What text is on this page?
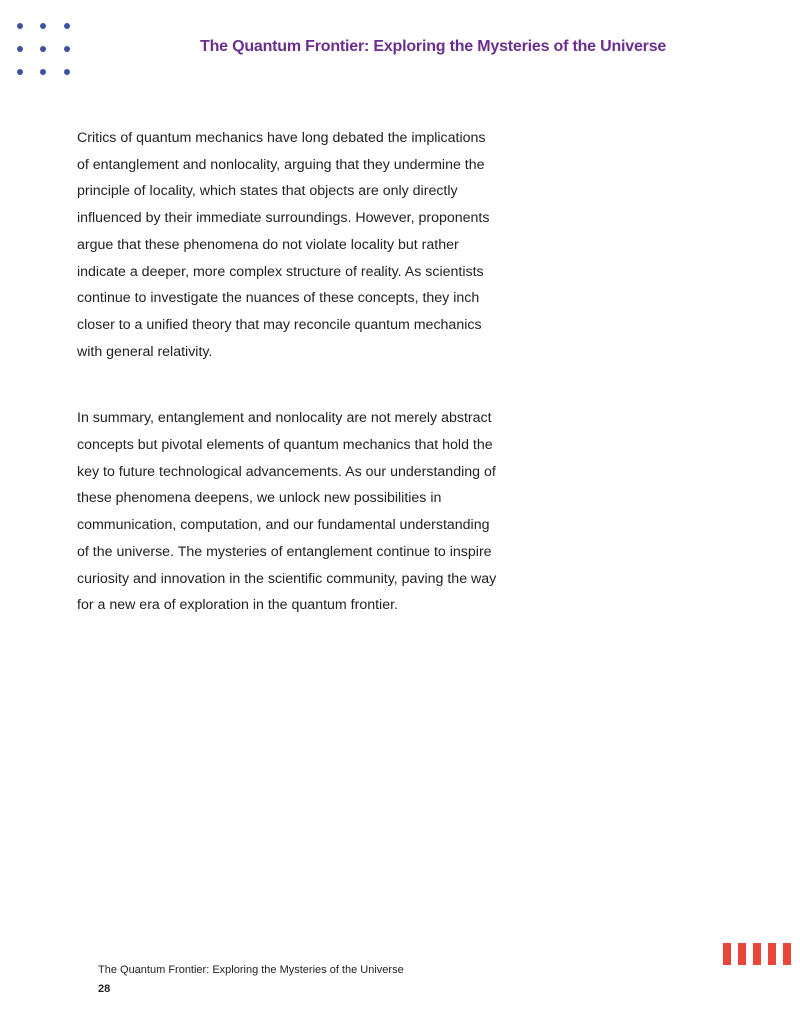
The Quantum Frontier: Exploring the Mysteries of the Universe

Critics of quantum mechanics have long debated the implications of entanglement and nonlocality, arguing that they undermine the principle of locality, which states that objects are only directly influenced by their immediate surroundings. However, proponents argue that these phenomena do not violate locality but rather indicate a deeper, more complex structure of reality. As scientists continue to investigate the nuances of these concepts, they inch closer to a unified theory that may reconcile quantum mechanics with general relativity.

In summary, entanglement and nonlocality are not merely abstract concepts but pivotal elements of quantum mechanics that hold the key to future technological advancements. As our understanding of these phenomena deepens, we unlock new possibilities in communication, computation, and our fundamental understanding of the universe. The mysteries of entanglement continue to inspire curiosity and innovation in the scientific community, paving the way for a new era of exploration in the quantum frontier.

The Quantum Frontier: Exploring the Mysteries of the Universe
28
